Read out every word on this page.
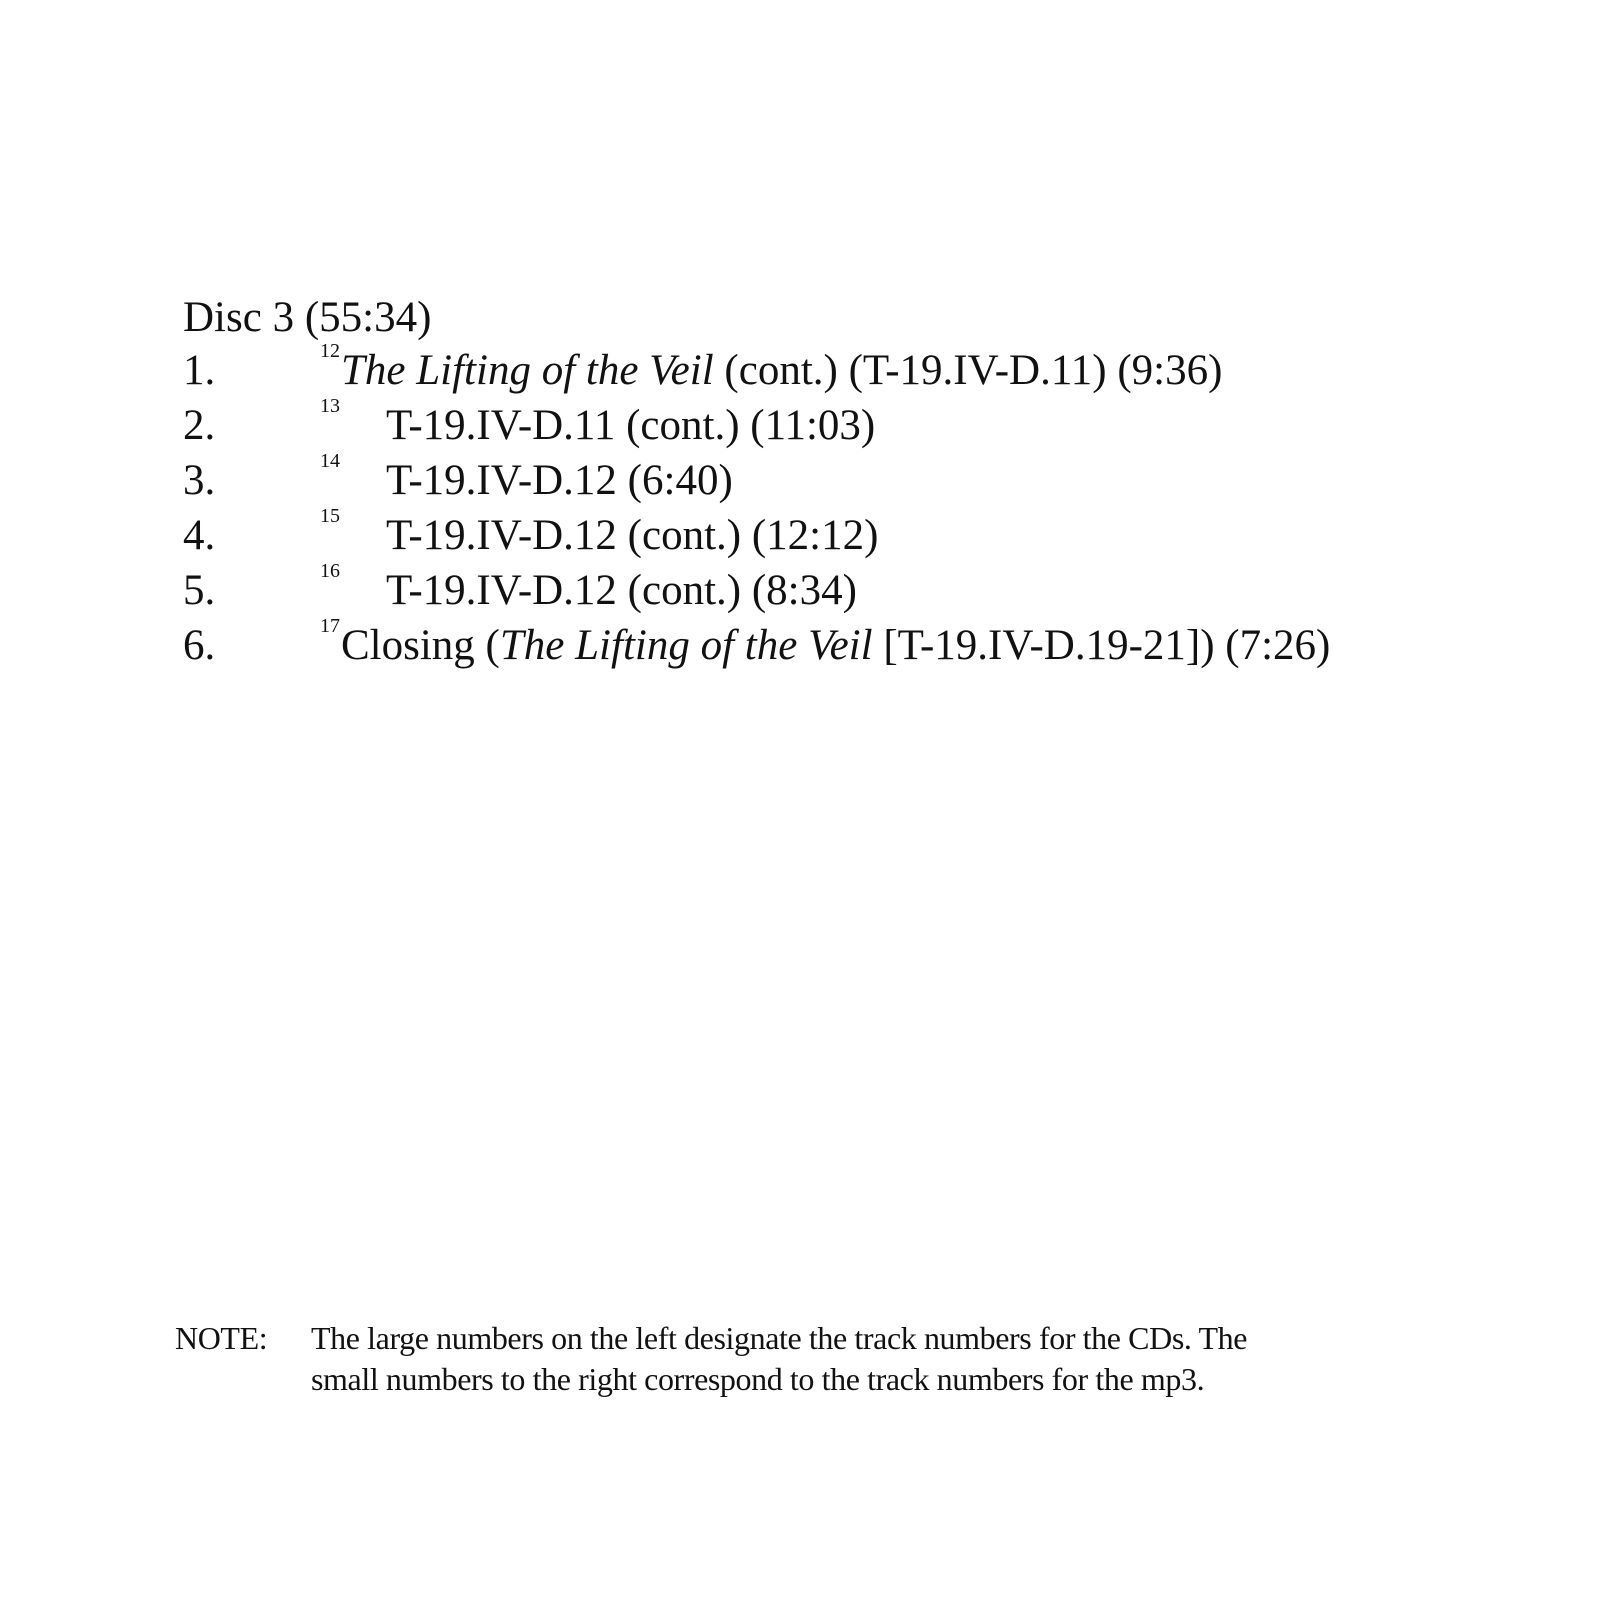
Disc 3 (55:34)
1.	12 The Lifting of the Veil (cont.) (T-19.IV-D.11) (9:36)
2.	13 T-19.IV-D.11 (cont.) (11:03)
3.	14 T-19.IV-D.12 (6:40)
4.	15 T-19.IV-D.12 (cont.) (12:12)
5.	16 T-19.IV-D.12 (cont.) (8:34)
6.	17 Closing (The Lifting of the Veil [T-19.IV-D.19-21]) (7:26)
NOTE: The large numbers on the left designate the track numbers for the CDs. The
small numbers to the right correspond to the track numbers for the mp3.
